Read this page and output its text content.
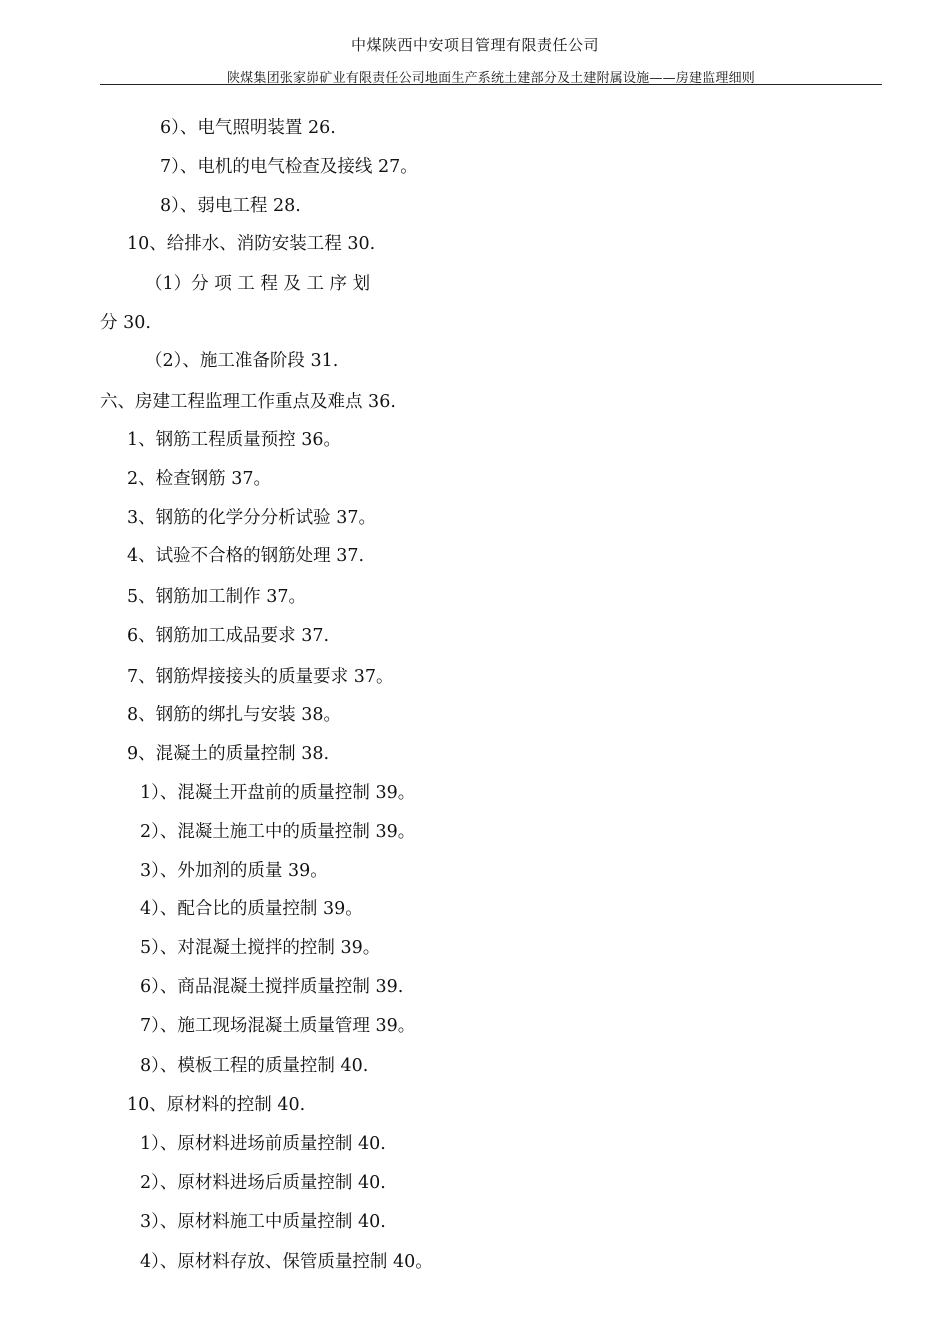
中煤陕西中安项目管理有限责任公司
陕煤集团张家峁矿业有限责任公司地面生产系统土建部分及土建附属设施——房建监理细则
6）、电气照明装置 26.
7）、电机的电气检查及接线 27。
8）、弱电工程 28.
10、给排水、消防安装工程 30.
（1）分 项 工 程 及 工 序 划
分 30.
（2）、施工准备阶段 31.
六、房建工程监理工作重点及难点 36.
1、钢筋工程质量预控 36。
2、检查钢筋 37。
3、钢筋的化学分分析试验 37。
4、试验不合格的钢筋处理 37.
5、钢筋加工制作 37。
6、钢筋加工成品要求 37.
7、钢筋焊接接头的质量要求 37。
8、钢筋的绑扎与安装 38。
9、混凝土的质量控制 38.
1）、混凝土开盘前的质量控制 39。
2）、混凝土施工中的质量控制 39。
3）、外加剂的质量 39。
4）、配合比的质量控制 39。
5）、对混凝土搅拌的控制 39。
6）、商品混凝土搅拌质量控制 39.
7）、施工现场混凝土质量管理 39。
8）、模板工程的质量控制 40.
10、原材料的控制 40.
1）、原材料进场前质量控制 40.
2）、原材料进场后质量控制 40.
3）、原材料施工中质量控制 40.
4）、原材料存放、保管质量控制 40。
